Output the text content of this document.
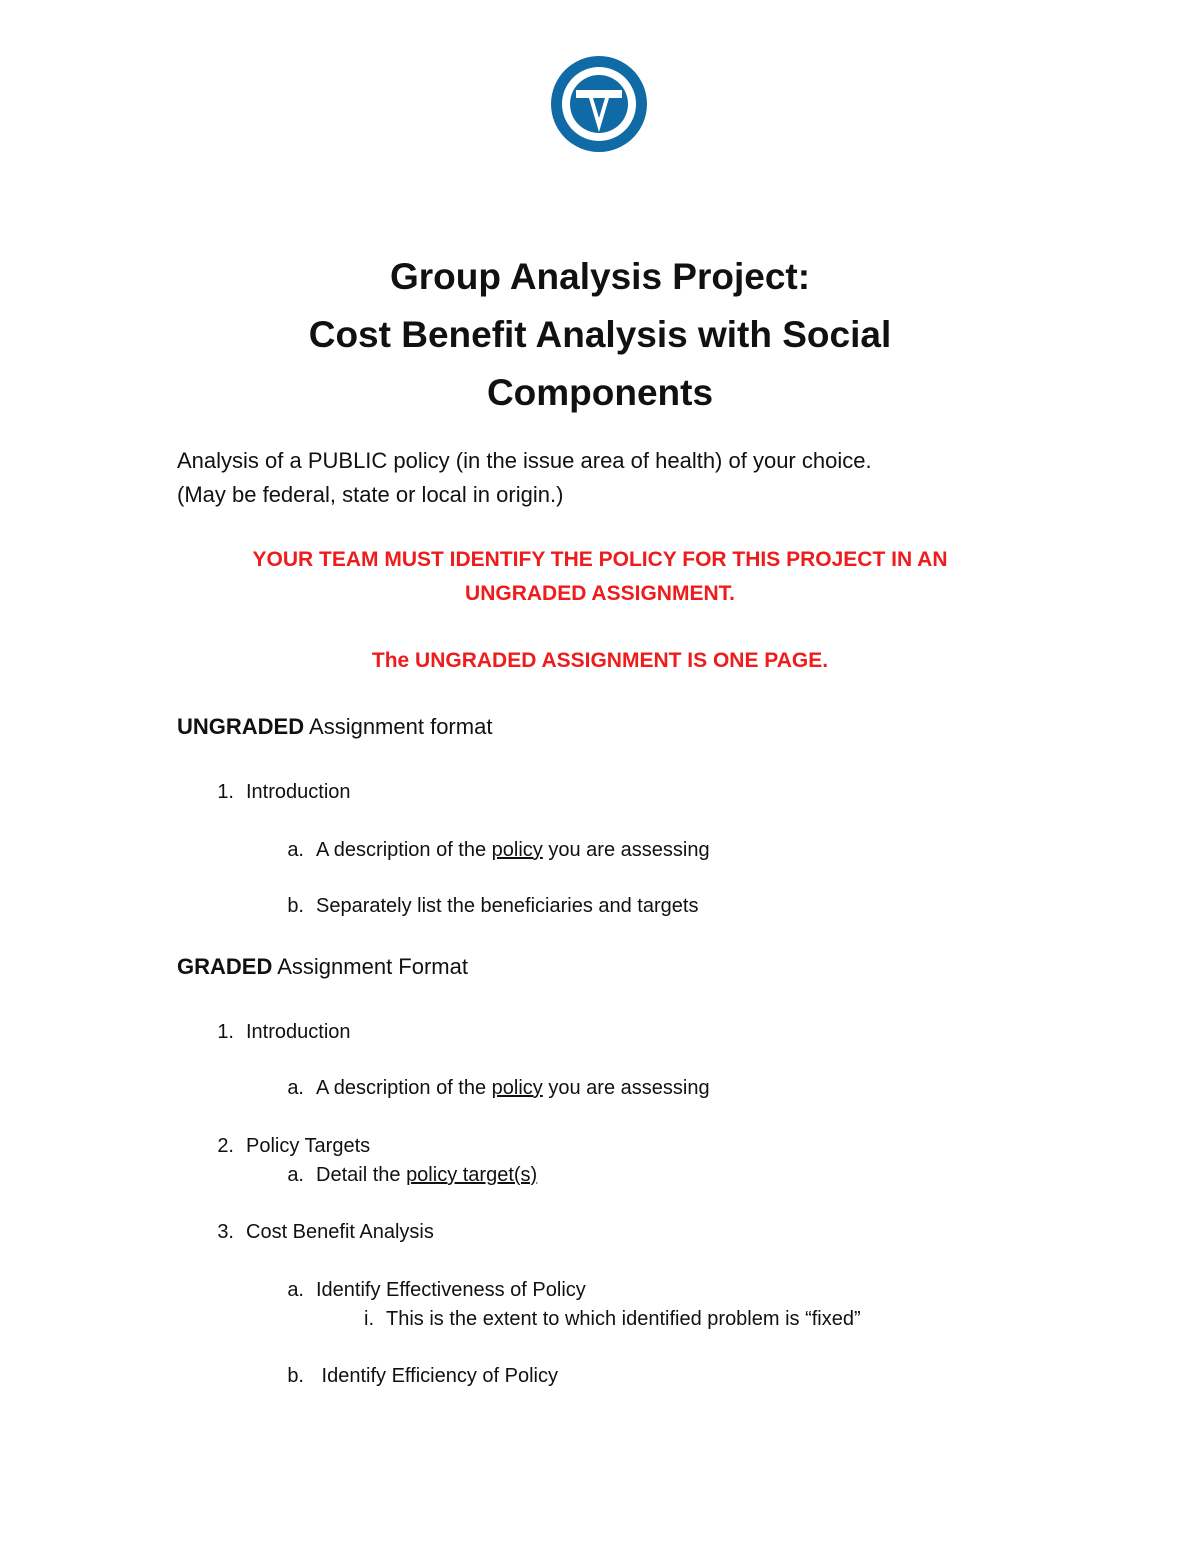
Group Analysis Project:
Cost Benefit Analysis with Social
Components
Analysis of a PUBLIC policy (in the issue area of health) of your choice.
(May be federal, state or local in origin.)
YOUR TEAM MUST IDENTIFY THE POLICY FOR THIS PROJECT IN AN
UNGRADED ASSIGNMENT.
The UNGRADED ASSIGNMENT IS ONE PAGE.
UNGRADED Assignment format
1. Introduction
a. A description of the policy you are assessing
b. Separately list the beneficiaries and targets
GRADED Assignment Format
1. Introduction
a. A description of the policy you are assessing
2. Policy Targets
a. Detail the policy target(s)
3. Cost Benefit Analysis
a. Identify Effectiveness of Policy
i. This is the extent to which identified problem is “fixed”
b. Identify Efficiency of Policy
